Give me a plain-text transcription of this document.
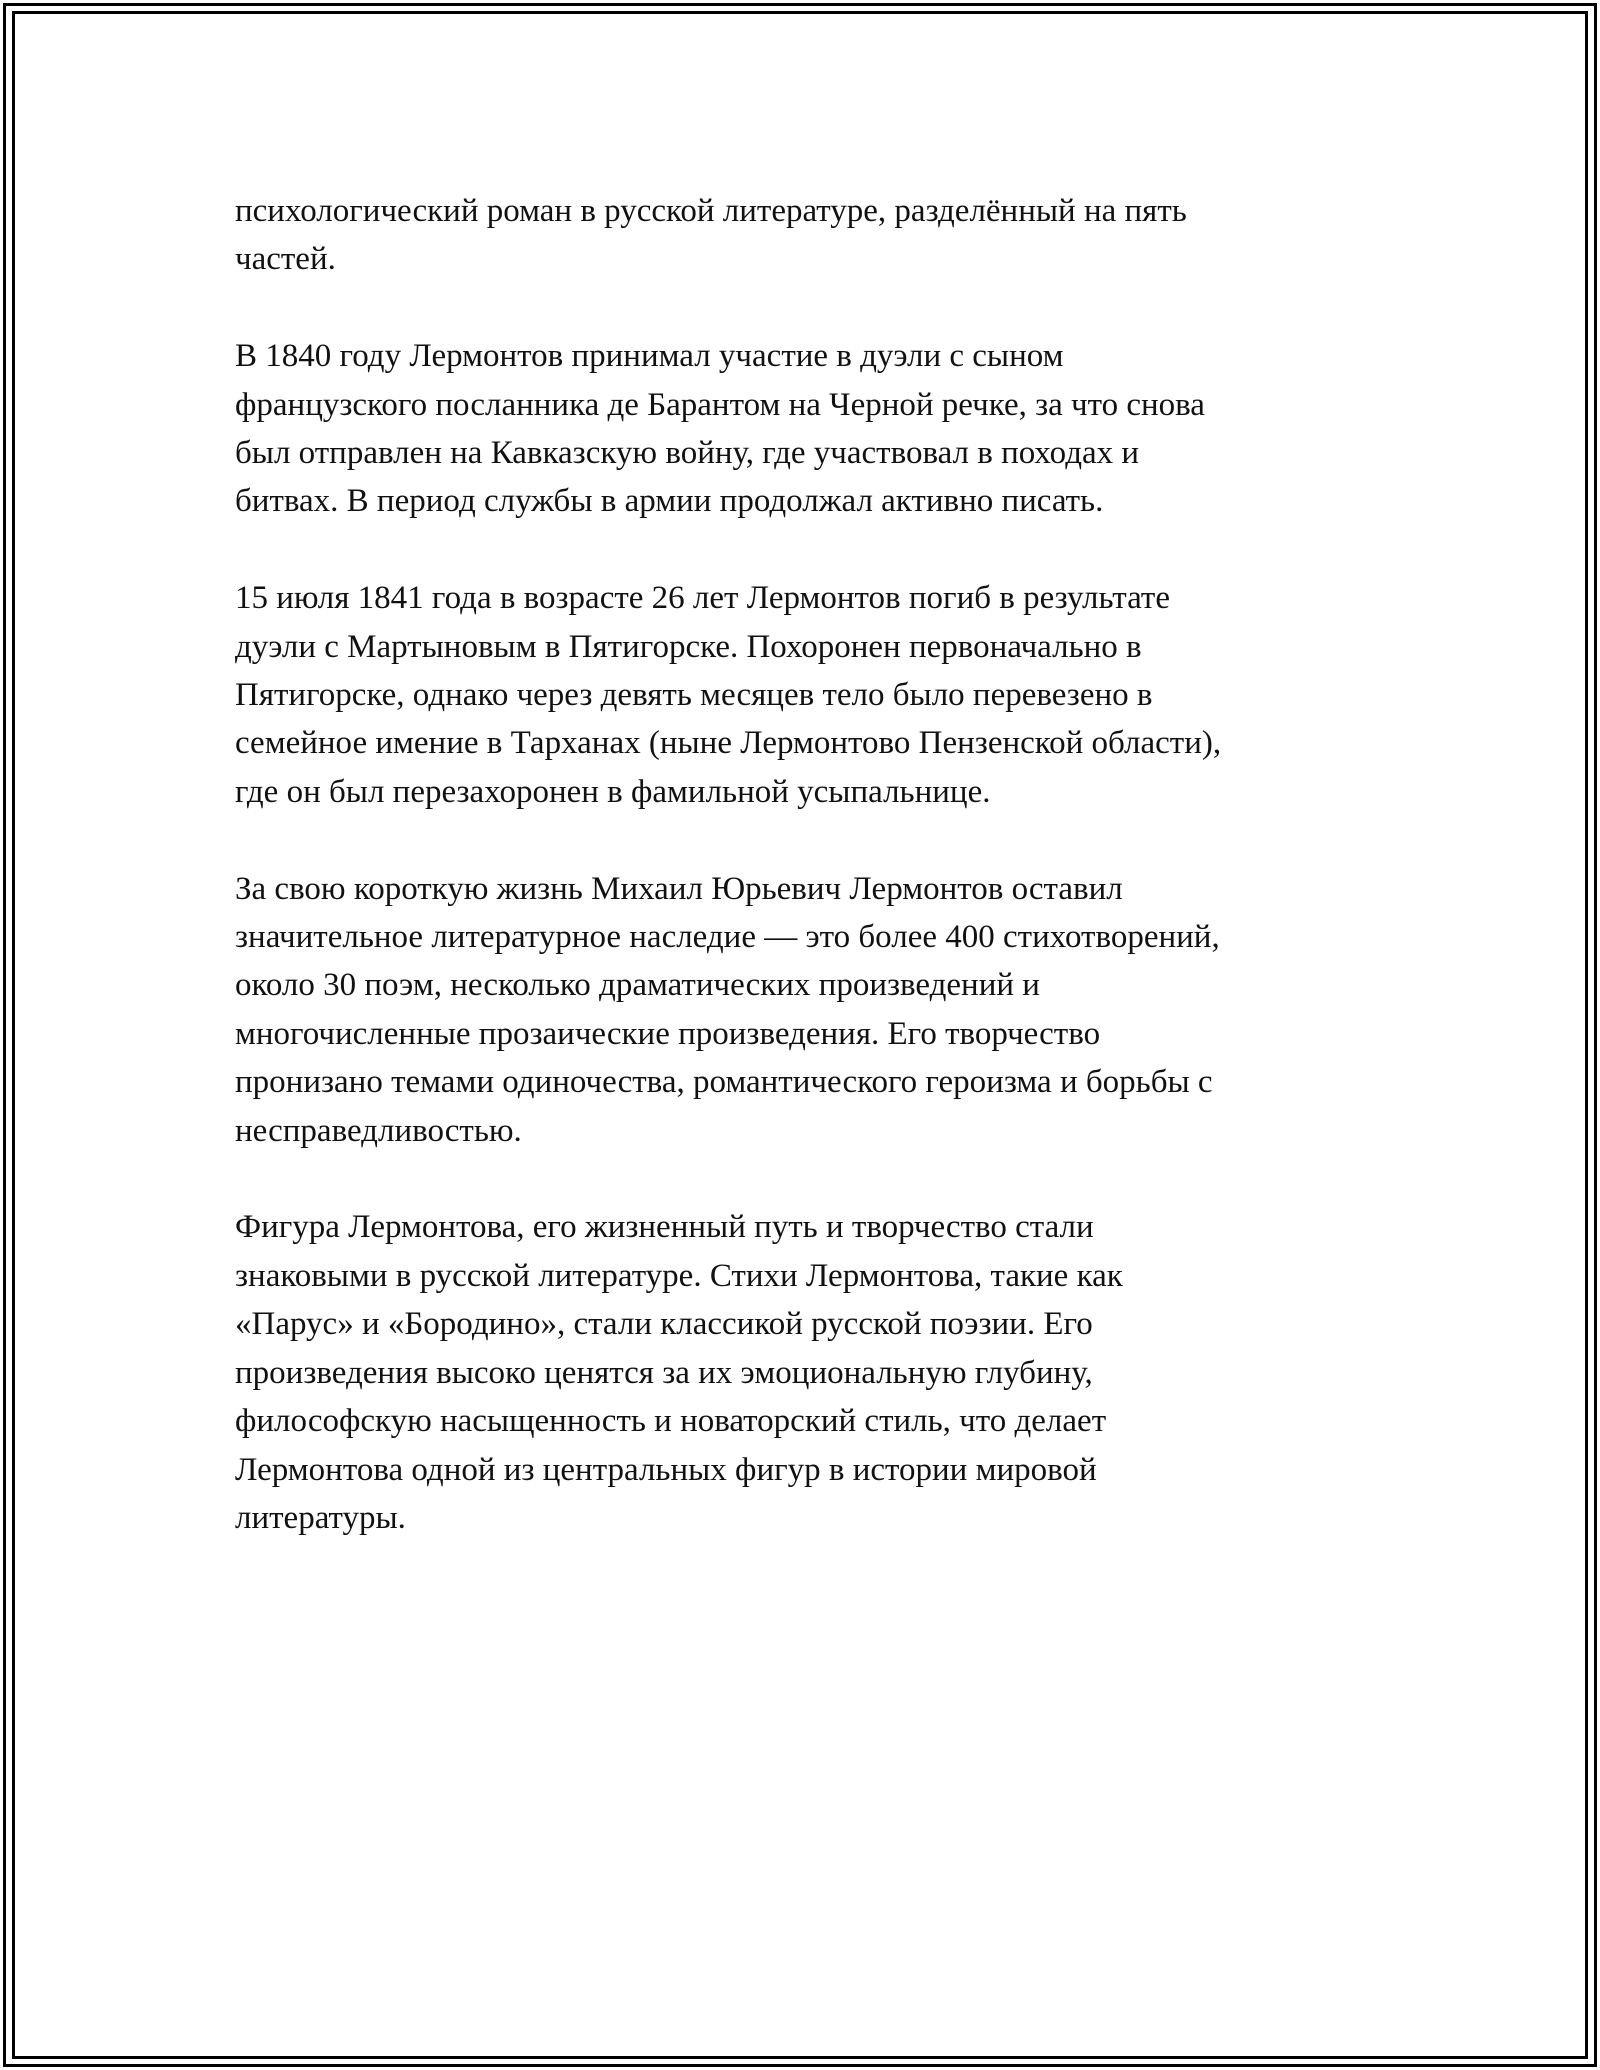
психологический роман в русской литературе, разделённый на пять
частей.

В 1840 году Лермонтов принимал участие в дуэли с сыном
французского посланника де Барантом на Черной речке, за что снова
был отправлен на Кавказскую войну, где участвовал в походах и
битвах. В период службы в армии продолжал активно писать.

15 июля 1841 года в возрасте 26 лет Лермонтов погиб в результате
дуэли с Мартыновым в Пятигорске. Похоронен первоначально в
Пятигорске, однако через девять месяцев тело было перевезено в
семейное имение в Тарханах (ныне Лермонтово Пензенской области),
где он был перезахоронен в фамильной усыпальнице.

За свою короткую жизнь Михаил Юрьевич Лермонтов оставил
значительное литературное наследие — это более 400 стихотворений,
около 30 поэм, несколько драматических произведений и
многочисленные прозаические произведения. Его творчество
пронизано темами одиночества, романтического героизма и борьбы с
несправедливостью.

Фигура Лермонтова, его жизненный путь и творчество стали
знаковыми в русской литературе. Стихи Лермонтова, такие как
«Парус» и «Бородино», стали классикой русской поэзии. Его
произведения высоко ценятся за их эмоциональную глубину,
философскую насыщенность и новаторский стиль, что делает
Лермонтова одной из центральных фигур в истории мировой
литературы.
